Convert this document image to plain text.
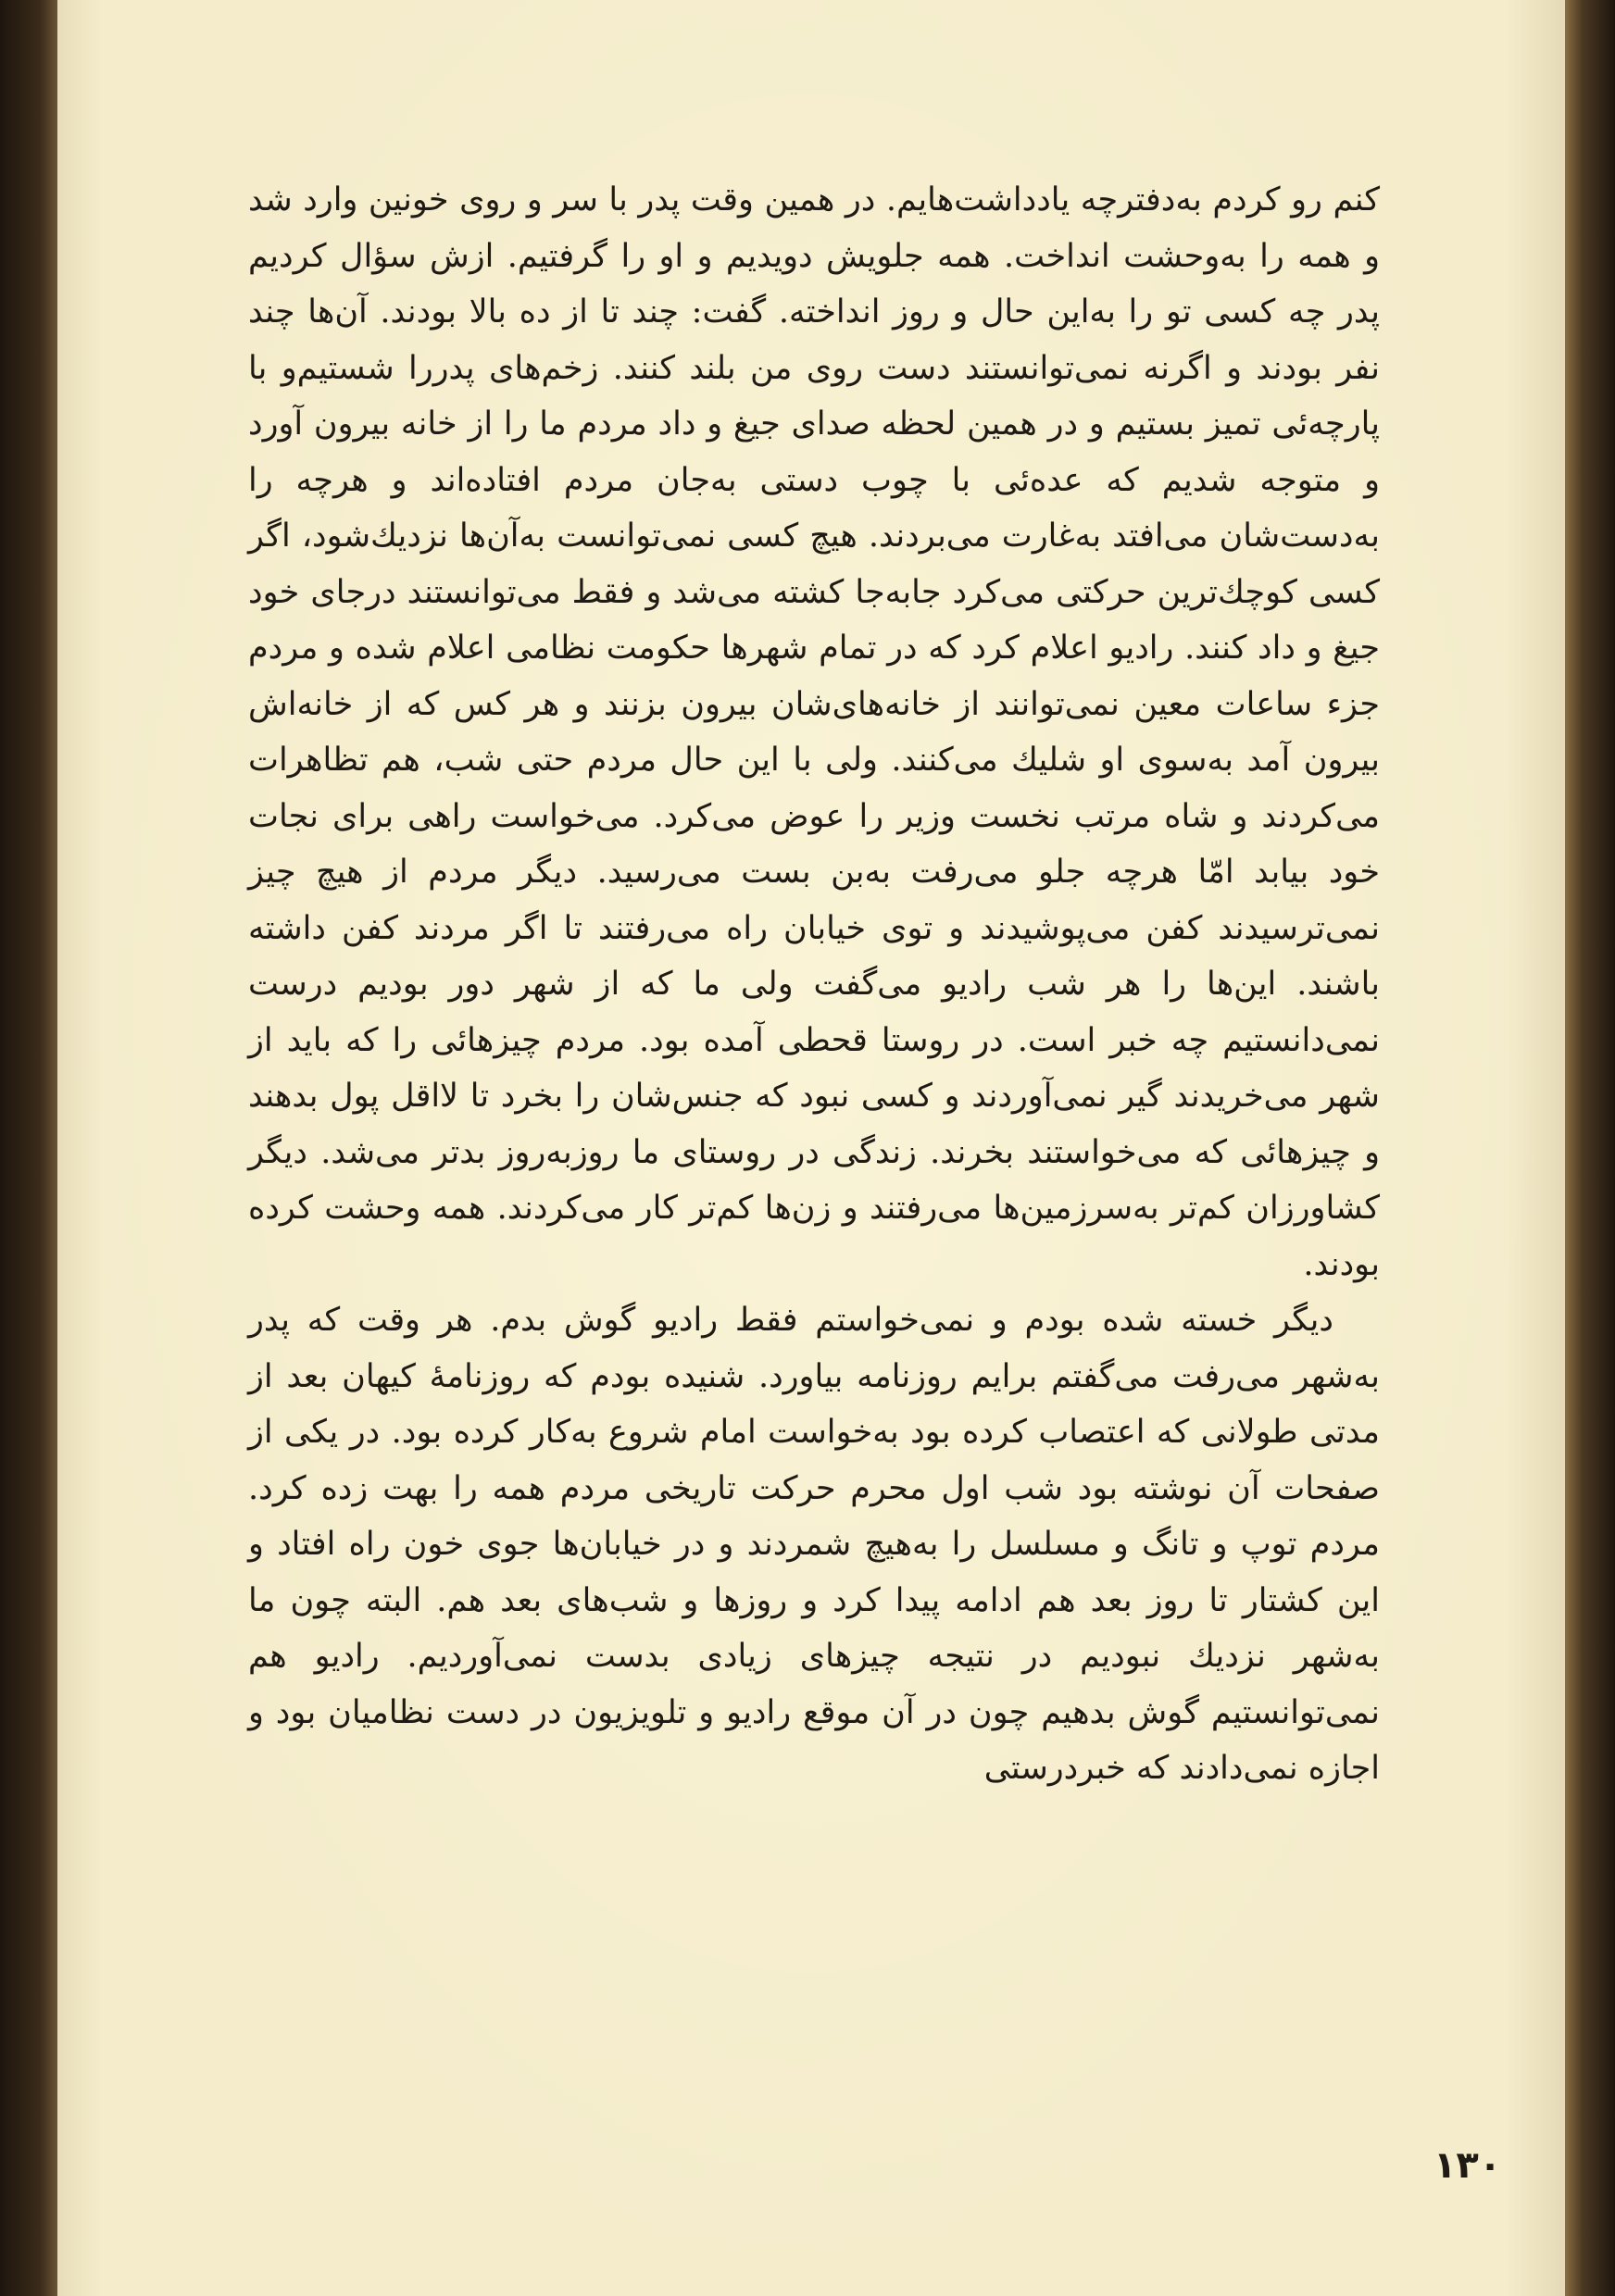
کنم رو کردم به‌دفترچه یادداشت‌هایم. در همین وقت پدر با سر و روی خونین وارد شد و همه را به‌وحشت انداخت. همه جلویش دویدیم و او را گرفتیم. ازش سؤال کردیم پدر چه کسی تو را به‌این حال و روز انداخته. گفت: چند تا از ده بالا بودند. آن‌ها چند نفر بودند و اگرنه نمی‌توانستند دست روی من بلند کنند. زخم‌های پدررا شستیم‌و با پارچه‌ئی تمیز بستیم و در همین لحظه صدای جیغ و داد مردم ما را از خانه بیرون آورد و متوجه شدیم که عده‌ئی با چوب دستی به‌جان مردم افتاده‌اند و هرچه را به‌دست‌شان می‌افتد به‌غارت می‌بردند. هیچ کسی نمی‌توانست به‌آن‌ها نزدیك‌شود، اگر کسی کوچك‌ترین حرکتی می‌کرد جابه‌جا کشته می‌شد و فقط می‌توانستند درجای خود جیغ و داد کنند. رادیو اعلام کرد که در تمام شهرها حکومت نظامی اعلام شده و مردم جزء ساعات معین نمی‌توانند از خانه‌های‌شان بیرون بزنند و هر کس که از خانه‌اش بیرون آمد به‌سوی او شلیك می‌کنند. ولی با این حال مردم حتی شب، هم تظاهرات می‌کردند و شاه مرتب نخست وزیر را عوض می‌کرد. می‌خواست راهی برای نجات خود بیابد امّا هرچه جلو می‌رفت به‌بن بست می‌رسید. دیگر مردم از هیچ چیز نمی‌ترسیدند کفن می‌پوشیدند و توی خیابان راه می‌رفتند تا اگر مردند کفن داشته باشند. این‌ها را هر شب رادیو می‌گفت ولی ما که از شهر دور بودیم درست نمی‌دانستیم چه خبر است. در روستا قحطی آمده بود. مردم چیزهائی را که باید از شهر می‌خریدند گیر نمی‌آوردند و کسی نبود که جنس‌شان را بخرد تا لااقل پول بدهند و چیزهائی که می‌خواستند بخرند. زندگی در روستای ما روزبه‌روز بدتر می‌شد. دیگر کشاورزان کم‌تر به‌سرزمین‌ها می‌رفتند و زن‌ها کم‌تر کار می‌کردند. همه وحشت کرده بودند.

دیگر خسته شده بودم و نمی‌خواستم فقط رادیو گوش بدم. هر وقت که پدر به‌شهر می‌رفت می‌گفتم برایم روزنامه بیاورد. شنیده بودم که روزنامهٔ کیهان بعد از مدتی طولانی که اعتصاب کرده بود به‌خواست امام شروع به‌کار کرده بود. در یکی از صفحات آن نوشته بود شب اول محرم حرکت تاریخی مردم همه را بهت زده کرد. مردم توپ و تانگ و مسلسل را به‌هیچ شمردند و در خیابان‌ها جوی خون راه افتاد و این کشتار تا روز بعد هم ادامه پیدا کرد و روزها و شب‌های بعد هم. البته چون ما به‌شهر نزدیك نبودیم در نتیجه چیزهای زیادی بدست نمی‌آوردیم. رادیو هم نمی‌توانستیم گوش بدهیم چون در آن موقع رادیو و تلویزیون در دست نظامیان بود و اجازه نمی‌دادند که خبردرستی

۱۳۰
